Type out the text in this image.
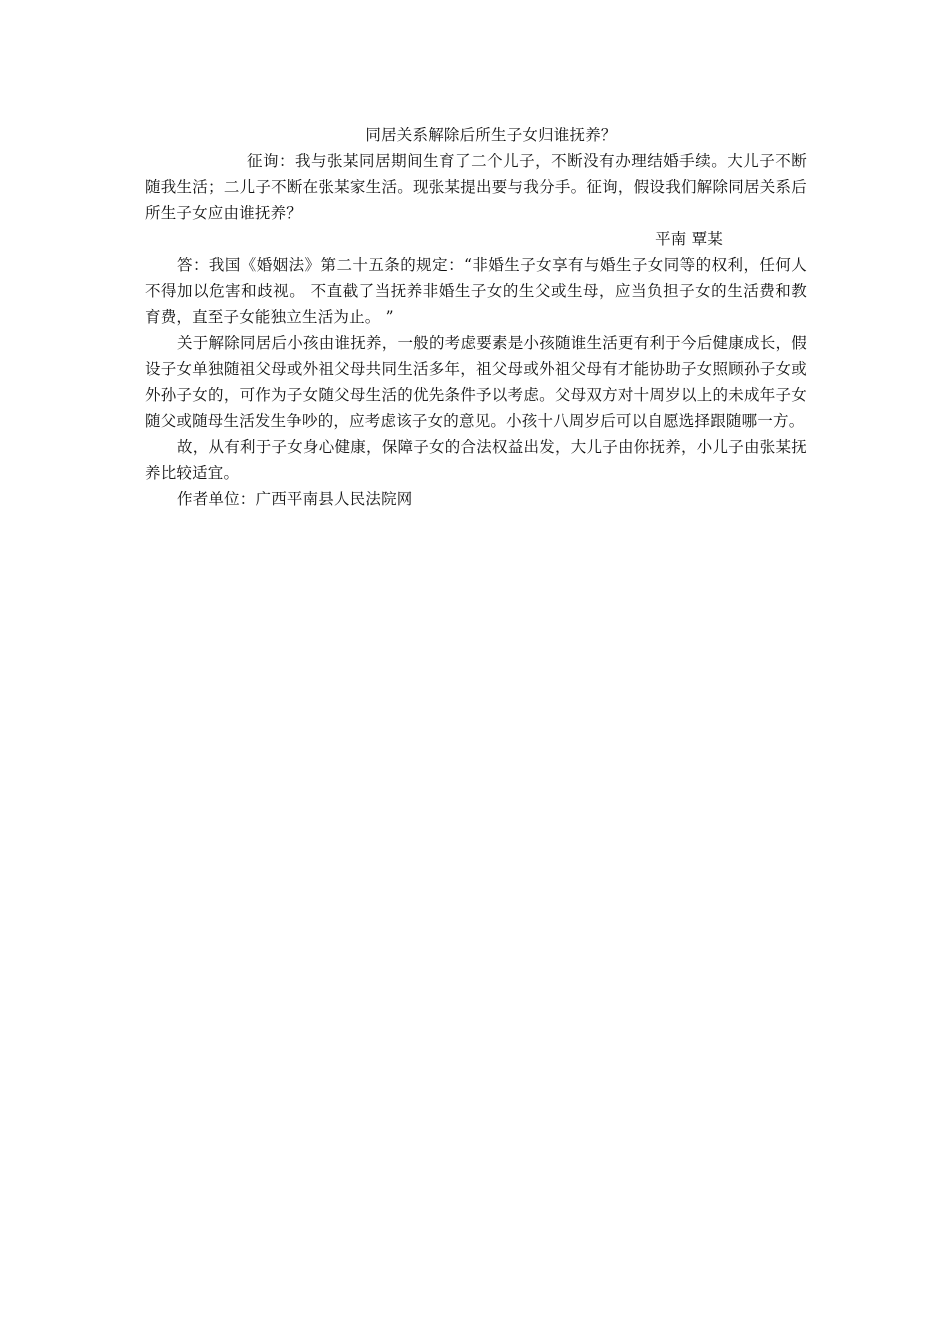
同居关系解除后所生子女归谁抚养？

征询：我与张某同居期间生育了二个儿子，不断没有办理结婚手续。大儿子不断随我生活；二儿子不断在张某家生活。现张某提出要与我分手。征询，假设我们解除同居关系后所生子女应由谁抚养？

平南 覃某

答：我国《婚姻法》第二十五条的规定：“非婚生子女享有与婚生子女同等的权利，任何人不得加以危害和歧视。 不直截了当抚养非婚生子女的生父或生母，应当负担子女的生活费和教育费，直至子女能独立生活为止。 ”

关于解除同居后小孩由谁抚养，一般的考虑要素是小孩随谁生活更有利于今后健康成长，假设子女单独随祖父母或外祖父母共同生活多年，祖父母或外祖父母有才能协助子女照顾孙子女或外孙子女的，可作为子女随父母生活的优先条件予以考虑。父母双方对十周岁以上的未成年子女随父或随母生活发生争吵的，应考虑该子女的意见。小孩十八周岁后可以自愿选择跟随哪一方。

故，从有利于子女身心健康，保障子女的合法权益出发，大儿子由你抚养，小儿子由张某抚养比较适宜。

作者单位：广西平南县人民法院网
